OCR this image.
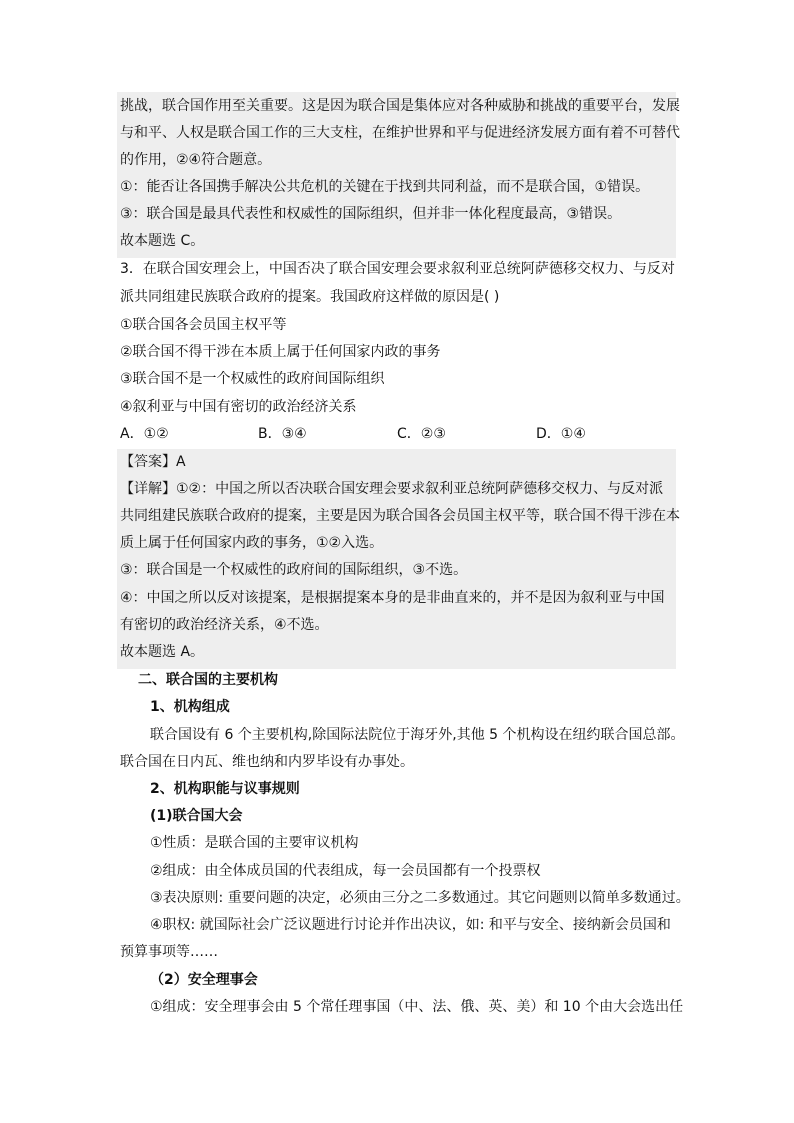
挑战，联合国作用至关重要。这是因为联合国是集体应对各种威胁和挑战的重要平台，发展
与和平、人权是联合国工作的三大支柱，在维护世界和平与促进经济发展方面有着不可替代
的作用，②④符合题意。
①：能否让各国携手解决公共危机的关键在于找到共同利益，而不是联合国，①错误。
③：联合国是最具代表性和权威性的国际组织，但并非一体化程度最高，③错误。
故本题选 C。
3．在联合国安理会上，中国否决了联合国安理会要求叙利亚总统阿萨德移交权力、与反对
派共同组建民族联合政府的提案。我国政府这样做的原因是( )
①联合国各会员国主权平等
②联合国不得干涉在本质上属于任何国家内政的事务
③联合国不是一个权威性的政府间国际组织
④叙利亚与中国有密切的政治经济关系
A．①②	B．③④	C．②③	D．①④
【答案】A
【详解】①②：中国之所以否决联合国安理会要求叙利亚总统阿萨德移交权力、与反对派
共同组建民族联合政府的提案，主要是因为联合国各会员国主权平等，联合国不得干涉在本
质上属于任何国家内政的事务，①②入选。
③：联合国是一个权威性的政府间的国际组织，③不选。
④：中国之所以反对该提案，是根据提案本身的是非曲直来的，并不是因为叙利亚与中国
有密切的政治经济关系，④不选。
故本题选 A。
二、联合国的主要机构
1、机构组成
联合国设有 6 个主要机构,除国际法院位于海牙外,其他 5 个机构设在纽约联合国总部。
联合国在日内瓦、维也纳和内罗毕设有办事处。
2、机构职能与议事规则
(1)联合国大会
①性质：是联合国的主要审议机构
②组成：由全体成员国的代表组成，每一会员国都有一个投票权
③表决原则: 重要问题的决定，必须由三分之二多数通过。其它问题则以简单多数通过。
④职权: 就国际社会广泛议题进行讨论并作出决议，如: 和平与安全、接纳新会员国和
预算事项等……
（2）安全理事会
①组成：安全理事会由 5 个常任理事国（中、法、俄、英、美）和 10 个由大会选出任
